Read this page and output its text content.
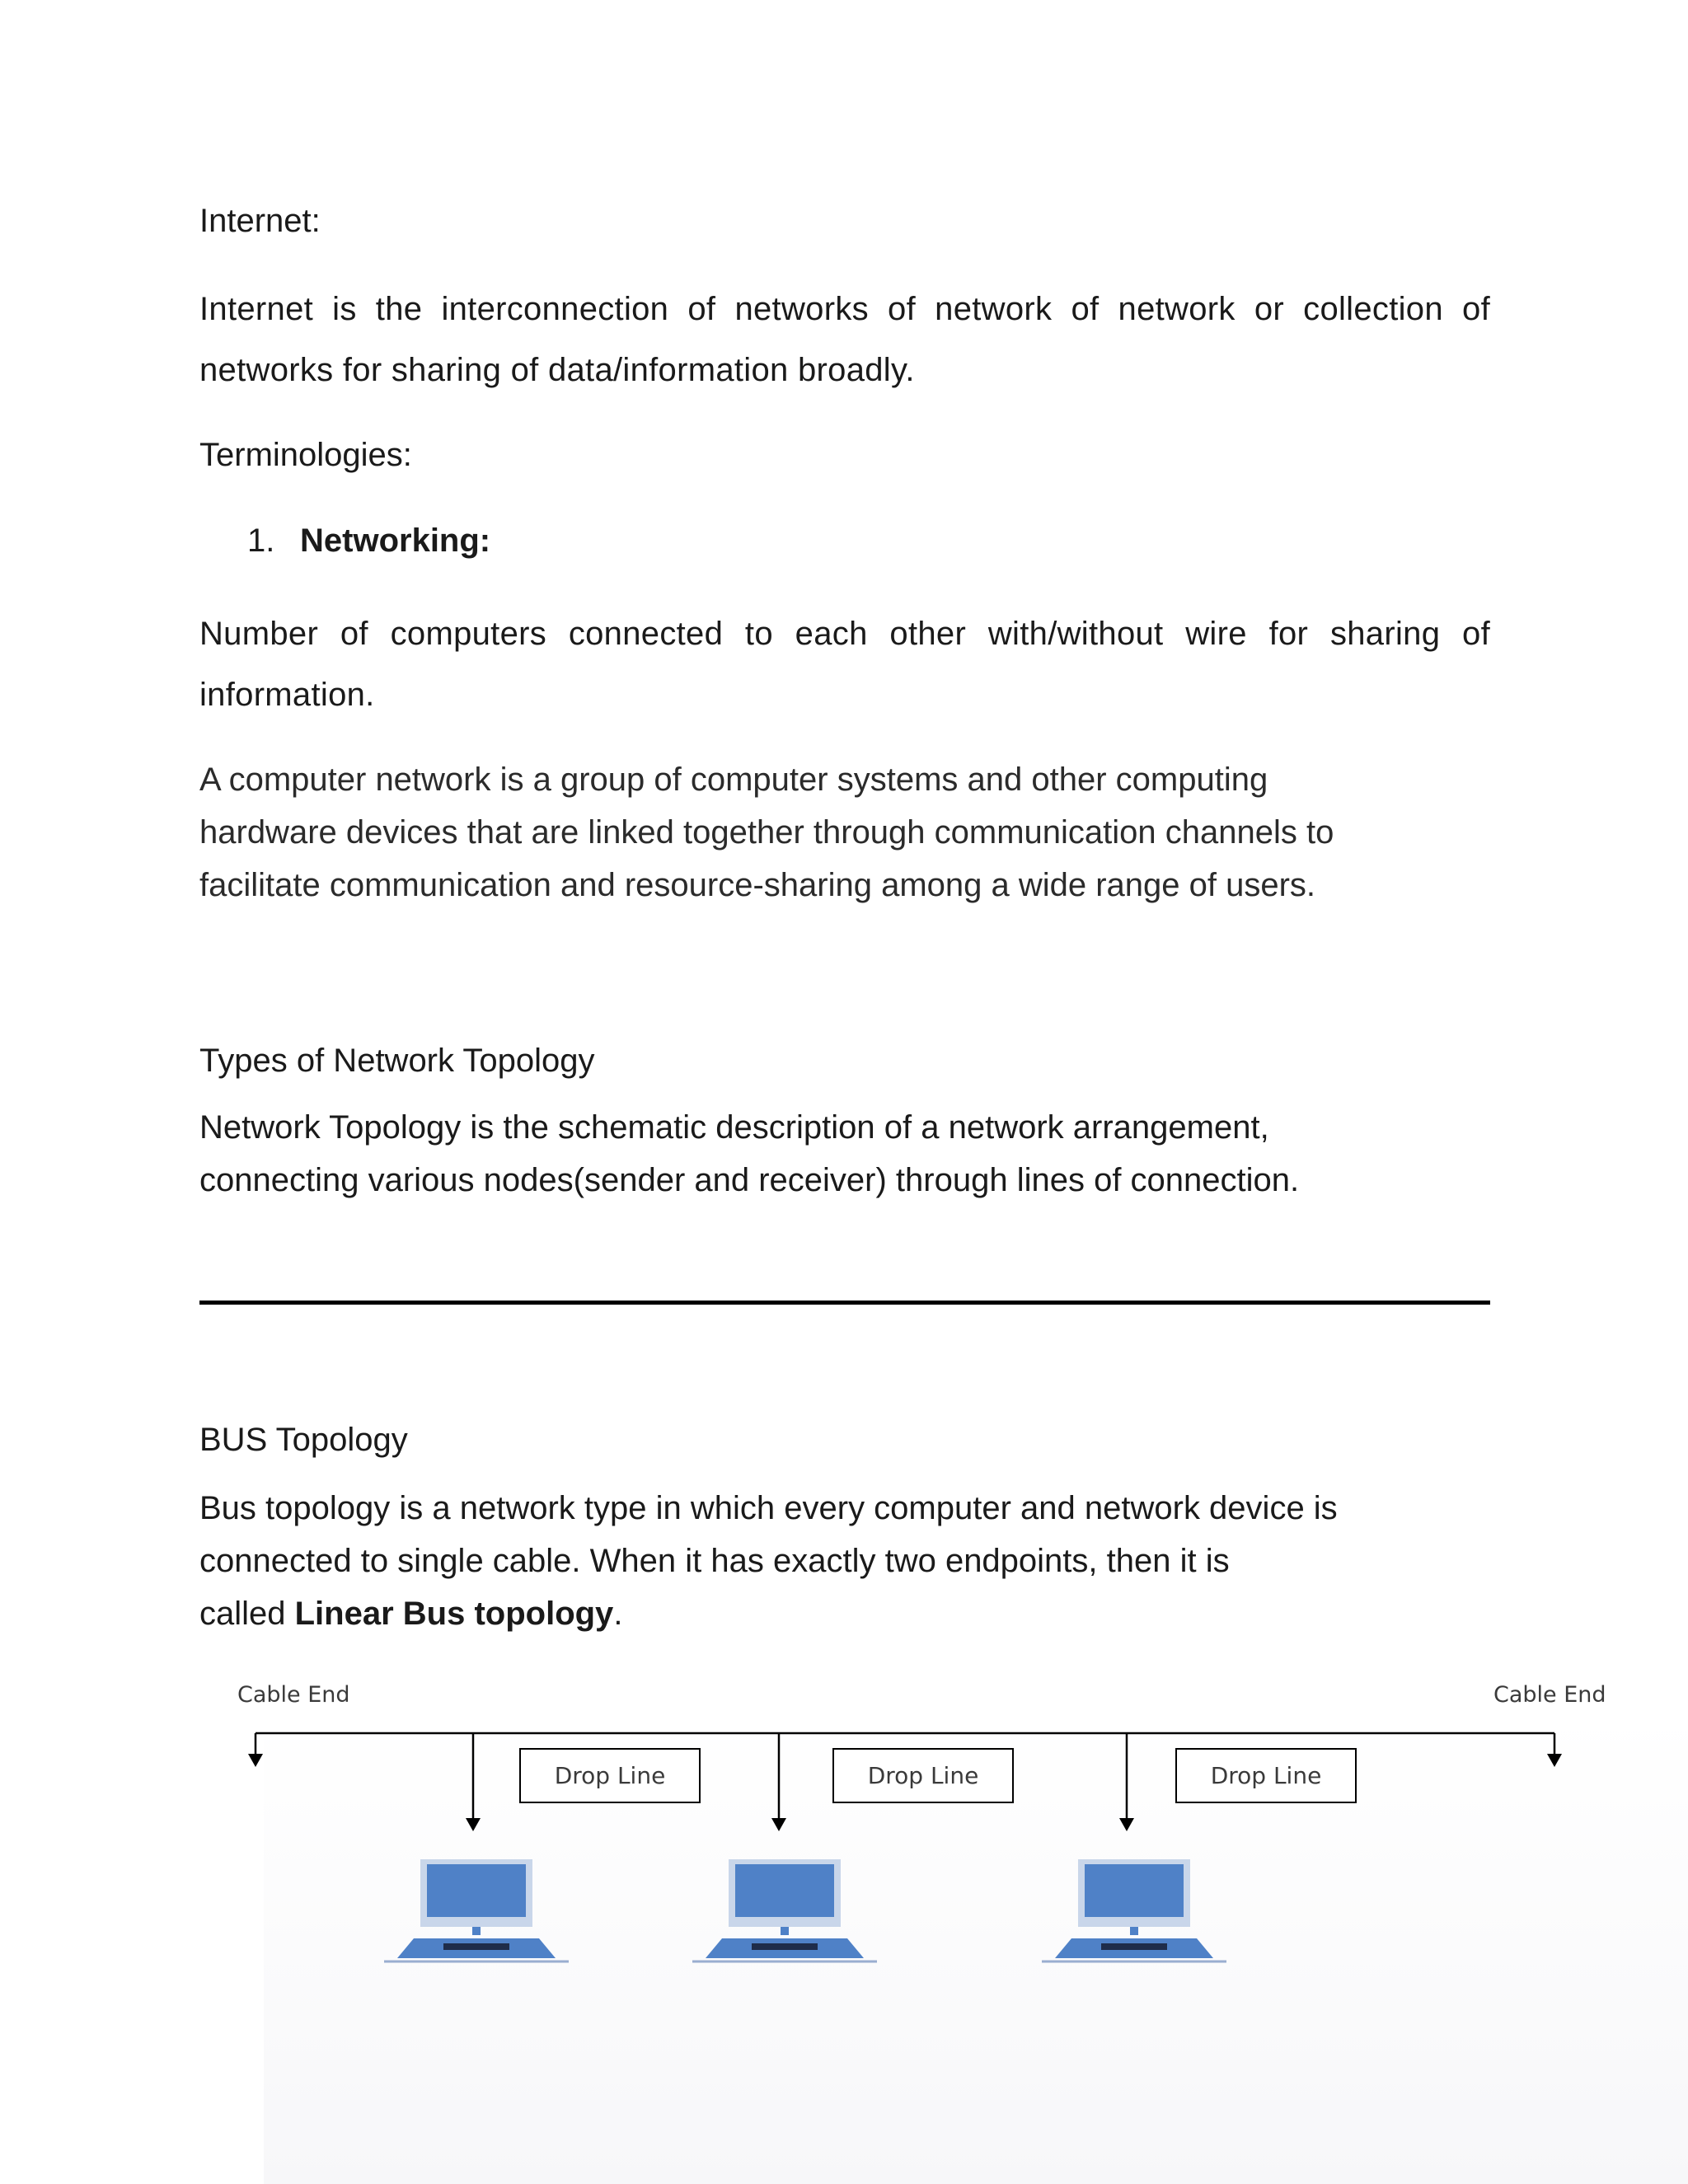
Internet:

Internet is the interconnection of networks of network of network or collection of networks for sharing of data/information broadly.

Terminologies:

1. Networking:

Number of computers connected to each other with/without wire for sharing of information.

A computer network is a group of computer systems and other computing
hardware devices that are linked together through communication channels to
facilitate communication and resource-sharing among a wide range of users.

Types of Network Topology

Network Topology is the schematic description of a network arrangement,
connecting various nodes(sender and receiver) through lines of connection.

BUS Topology

Bus topology is a network type in which every computer and network device is
connected to single cable. When it has exactly two endpoints, then it is
called Linear Bus topology.
Cable End	Cable End
Drop Line	Drop Line	Drop Line
